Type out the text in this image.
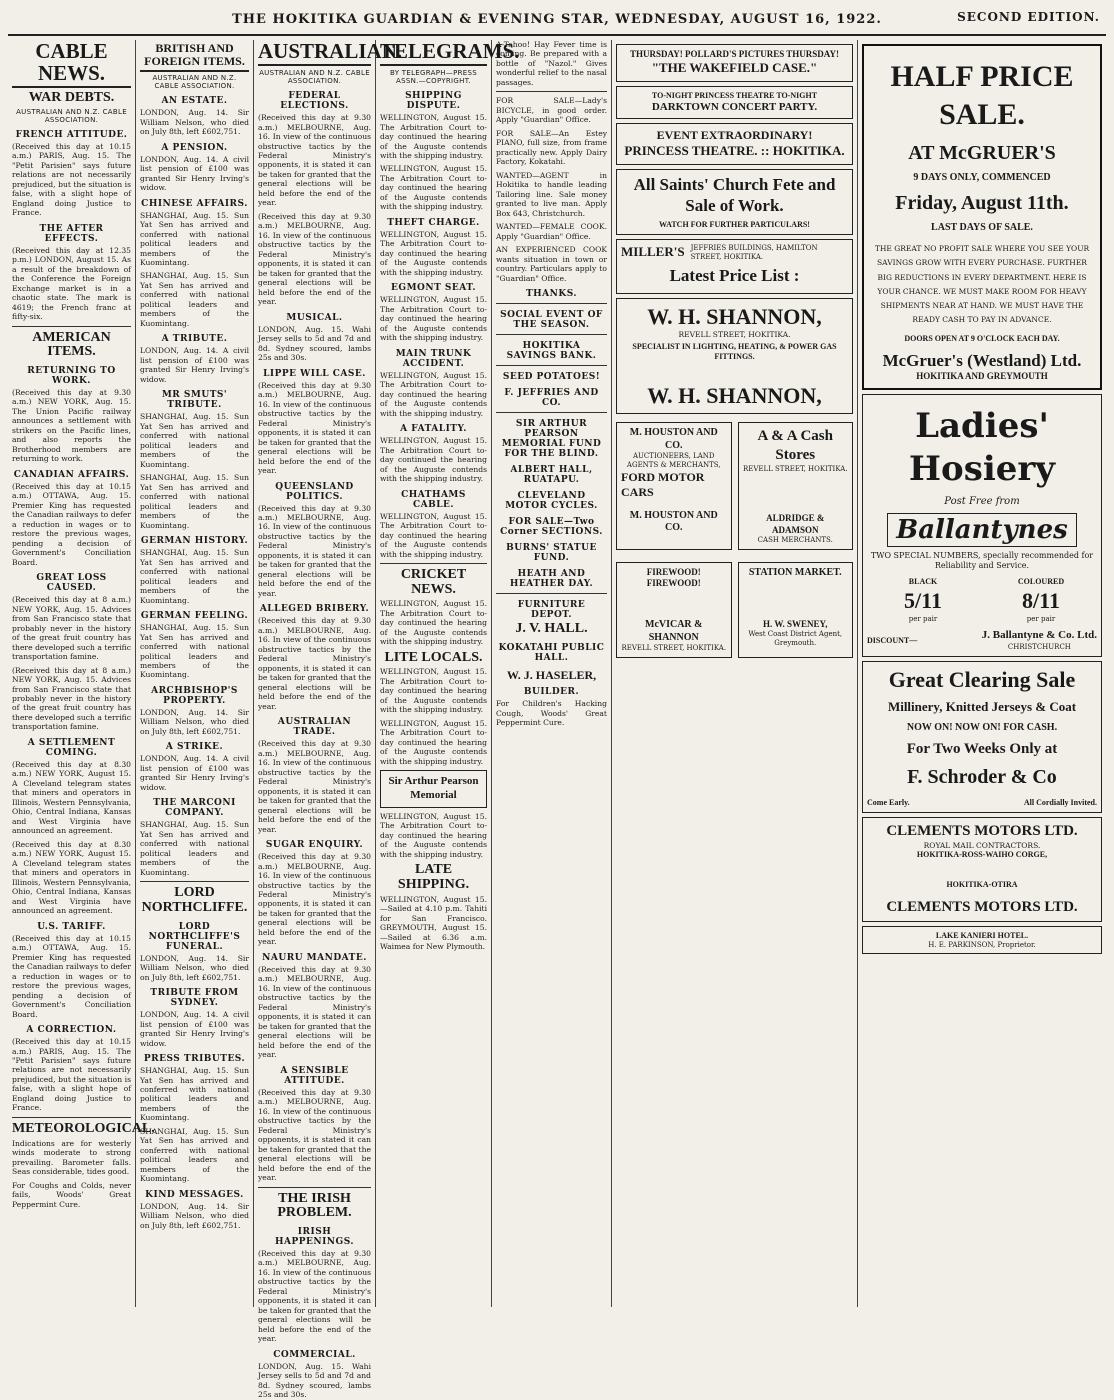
THE HOKITIKA GUARDIAN & EVENING STAR, WEDNESDAY, AUGUST 16, 1922.	SECOND EDITION.
CABLE NEWS.
WAR DEBTS.
AUSTRALIAN AND N.Z. CABLE ASSOCIATION.
FRENCH ATTITUDE.

(Received this day at 10.15 a.m.) PARIS, Aug. 15. The "Petit Parisien" says future relations are not necessarily prejudiced, but the situation is false, with a slight hope of England doing Justice to France.

THE AFTER EFFECTS.

(Received this day at 12.35 p.m.) LONDON, August 15. As a result of the breakdown of the Conference the Foreign Exchange market is in a chaotic state. The mark is 4619; the French franc at fifty-six.

AMERICAN ITEMS.
RETURNING TO WORK.

(Received this day at 9.30 a.m.) NEW YORK, Aug. 15. The Union Pacific railway announces a settlement with strikers on the Pacific lines, and also reports the Brotherhood members are returning to work.

CANADIAN AFFAIRS.

(Received this day at 10.15 a.m.) OTTAWA, Aug. 15. Premier King has requested the Canadian railways to defer a reduction in wages or to restore the previous wages, pending a decision of Government's Conciliation Board.

GREAT LOSS CAUSED.

(Received this day at 8 a.m.) NEW YORK, Aug. 15. Advices from San Francisco state that probably never in the history of the great fruit country has there developed such a terrific transportation famine.

(Received this day at 8 a.m.) NEW YORK, Aug. 15. Advices from San Francisco state that probably never in the history of the great fruit country has there developed such a terrific transportation famine.

A SETTLEMENT COMING.

(Received this day at 8.30 a.m.) NEW YORK, August 15. A Cleveland telegram states that miners and operators in Illinois, Western Pennsylvania, Ohio, Central Indiana, Kansas and West Virginia have announced an agreement.

(Received this day at 8.30 a.m.) NEW YORK, August 15. A Cleveland telegram states that miners and operators in Illinois, Western Pennsylvania, Ohio, Central Indiana, Kansas and West Virginia have announced an agreement.

U.S. TARIFF.

(Received this day at 10.15 a.m.) OTTAWA, Aug. 15. Premier King has requested the Canadian railways to defer a reduction in wages or to restore the previous wages, pending a decision of Government's Conciliation Board.

A CORRECTION.

(Received this day at 10.15 a.m.) PARIS, Aug. 15. The "Petit Parisien" says future relations are not necessarily prejudiced, but the situation is false, with a slight hope of England doing Justice to France.

METEOROLOGICAL.

Indications are for westerly winds moderate to strong prevailing. Barometer falls. Seas considerable, tides good.

For Coughs and Colds, never fails, Woods' Great Peppermint Cure.

BRITISH AND FOREIGN ITEMS.
AUSTRALIAN AND N.Z. CABLE ASSOCIATION.
AN ESTATE.

LONDON, Aug. 14. Sir William Nelson, who died on July 8th, left £602,751.

A PENSION.

LONDON, Aug. 14. A civil list pension of £100 was granted Sir Henry Irving's widow.

CHINESE AFFAIRS.

SHANGHAI, Aug. 15. Sun Yat Sen has arrived and conferred with national political leaders and members of the Kuomintang.

SHANGHAI, Aug. 15. Sun Yat Sen has arrived and conferred with national political leaders and members of the Kuomintang.

A TRIBUTE.

LONDON, Aug. 14. A civil list pension of £100 was granted Sir Henry Irving's widow.

MR SMUTS' TRIBUTE.

SHANGHAI, Aug. 15. Sun Yat Sen has arrived and conferred with national political leaders and members of the Kuomintang.

SHANGHAI, Aug. 15. Sun Yat Sen has arrived and conferred with national political leaders and members of the Kuomintang.

GERMAN HISTORY.

SHANGHAI, Aug. 15. Sun Yat Sen has arrived and conferred with national political leaders and members of the Kuomintang.

GERMAN FEELING.

SHANGHAI, Aug. 15. Sun Yat Sen has arrived and conferred with national political leaders and members of the Kuomintang.

ARCHBISHOP'S PROPERTY.

LONDON, Aug. 14. Sir William Nelson, who died on July 8th, left £602,751.

A STRIKE.

LONDON, Aug. 14. A civil list pension of £100 was granted Sir Henry Irving's widow.

THE MARCONI COMPANY.

SHANGHAI, Aug. 15. Sun Yat Sen has arrived and conferred with national political leaders and members of the Kuomintang.

LORD NORTHCLIFFE.
LORD NORTHCLIFFE'S FUNERAL.

LONDON, Aug. 14. Sir William Nelson, who died on July 8th, left £602,751.

TRIBUTE FROM SYDNEY.

LONDON, Aug. 14. A civil list pension of £100 was granted Sir Henry Irving's widow.

PRESS TRIBUTES.

SHANGHAI, Aug. 15. Sun Yat Sen has arrived and conferred with national political leaders and members of the Kuomintang.

SHANGHAI, Aug. 15. Sun Yat Sen has arrived and conferred with national political leaders and members of the Kuomintang.

KIND MESSAGES.

LONDON, Aug. 14. Sir William Nelson, who died on July 8th, left £602,751.

AUSTRALIAN.
AUSTRALIAN AND N.Z. CABLE ASSOCIATION.
FEDERAL ELECTIONS.

(Received this day at 9.30 a.m.) MELBOURNE, Aug. 16. In view of the continuous obstructive tactics by the Federal Ministry's opponents, it is stated it can be taken for granted that the general elections will be held before the end of the year.

(Received this day at 9.30 a.m.) MELBOURNE, Aug. 16. In view of the continuous obstructive tactics by the Federal Ministry's opponents, it is stated it can be taken for granted that the general elections will be held before the end of the year.

MUSICAL.

LONDON, Aug. 15. Wahi Jersey sells to 5d and 7d and 8d. Sydney scoured, lambs 25s and 30s.

LIPPE WILL CASE.

(Received this day at 9.30 a.m.) MELBOURNE, Aug. 16. In view of the continuous obstructive tactics by the Federal Ministry's opponents, it is stated it can be taken for granted that the general elections will be held before the end of the year.

QUEENSLAND POLITICS.

(Received this day at 9.30 a.m.) MELBOURNE, Aug. 16. In view of the continuous obstructive tactics by the Federal Ministry's opponents, it is stated it can be taken for granted that the general elections will be held before the end of the year.

ALLEGED BRIBERY.

(Received this day at 9.30 a.m.) MELBOURNE, Aug. 16. In view of the continuous obstructive tactics by the Federal Ministry's opponents, it is stated it can be taken for granted that the general elections will be held before the end of the year.

AUSTRALIAN TRADE.

(Received this day at 9.30 a.m.) MELBOURNE, Aug. 16. In view of the continuous obstructive tactics by the Federal Ministry's opponents, it is stated it can be taken for granted that the general elections will be held before the end of the year.

SUGAR ENQUIRY.

(Received this day at 9.30 a.m.) MELBOURNE, Aug. 16. In view of the continuous obstructive tactics by the Federal Ministry's opponents, it is stated it can be taken for granted that the general elections will be held before the end of the year.

NAURU MANDATE.

(Received this day at 9.30 a.m.) MELBOURNE, Aug. 16. In view of the continuous obstructive tactics by the Federal Ministry's opponents, it is stated it can be taken for granted that the general elections will be held before the end of the year.

A SENSIBLE ATTITUDE.

(Received this day at 9.30 a.m.) MELBOURNE, Aug. 16. In view of the continuous obstructive tactics by the Federal Ministry's opponents, it is stated it can be taken for granted that the general elections will be held before the end of the year.

THE IRISH PROBLEM.
IRISH HAPPENINGS.

(Received this day at 9.30 a.m.) MELBOURNE, Aug. 16. In view of the continuous obstructive tactics by the Federal Ministry's opponents, it is stated it can be taken for granted that the general elections will be held before the end of the year.

COMMERCIAL.

LONDON, Aug. 15. Wahi Jersey sells to 5d and 7d and 8d. Sydney scoured, lambs 25s and 30s.

TELEGRAMS.
BY TELEGRAPH—PRESS ASSN.—COPYRIGHT.
SHIPPING DISPUTE.

WELLINGTON, August 15. The Arbitration Court to-day continued the hearing of the Auguste contends with the shipping industry.

WELLINGTON, August 15. The Arbitration Court to-day continued the hearing of the Auguste contends with the shipping industry.

THEFT CHARGE.

WELLINGTON, August 15. The Arbitration Court to-day continued the hearing of the Auguste contends with the shipping industry.

EGMONT SEAT.

WELLINGTON, August 15. The Arbitration Court to-day continued the hearing of the Auguste contends with the shipping industry.

MAIN TRUNK ACCIDENT.

WELLINGTON, August 15. The Arbitration Court to-day continued the hearing of the Auguste contends with the shipping industry.

A FATALITY.

WELLINGTON, August 15. The Arbitration Court to-day continued the hearing of the Auguste contends with the shipping industry.

CHATHAMS CABLE.

WELLINGTON, August 15. The Arbitration Court to-day continued the hearing of the Auguste contends with the shipping industry.

CRICKET NEWS.

WELLINGTON, August 15. The Arbitration Court to-day continued the hearing of the Auguste contends with the shipping industry.

LITE LOCALS.

WELLINGTON, August 15. The Arbitration Court to-day continued the hearing of the Auguste contends with the shipping industry.

WELLINGTON, August 15. The Arbitration Court to-day continued the hearing of the Auguste contends with the shipping industry.

Sir Arthur Pearson Memorial

WELLINGTON, August 15. The Arbitration Court to-day continued the hearing of the Auguste contends with the shipping industry.

LATE SHIPPING.

WELLINGTON, August 15.—Sailed at 4.10 p.m. Tahiti for San Francisco. GREYMOUTH, August 15.—Sailed at 6.36 a.m. Waimea for New Plymouth.

A-Tahoo! Hay Fever time is coming. Be prepared with a bottle of "Nazol." Gives wonderful relief to the nasal passages.

FOR SALE—Lady's BICYCLE, in good order. Apply "Guardian" Office.

FOR SALE—An Estey PIANO, full size, from frame practically new. Apply Dairy Factory, Kokatahi.

WANTED—AGENT in Hokitika to handle leading Tailoring line. Sale money granted to live man. Apply Box 643, Christchurch.

WANTED—FEMALE COOK. Apply "Guardian" Office.

AN EXPERIENCED COOK wants situation in town or country. Particulars apply to "Guardian" Office.

THANKS.
SOCIAL EVENT OF THE SEASON.
HOKITIKA SAVINGS BANK.
SEED POTATOES!
F. JEFFRIES AND CO.
SIR ARTHUR PEARSON MEMORIAL FUND FOR THE BLIND.
ALBERT HALL, RUATAPU.
CLEVELAND MOTOR CYCLES.
FOR SALE—Two Corner SECTIONS.
BURNS' STATUE FUND.
HEATH AND HEATHER DAY.
FURNITURE DEPOT.
J. V. HALL.
KOKATAHI PUBLIC HALL.
W. J. HASELER,
BUILDER.

For Children's Hacking Cough, Woods' Great Peppermint Cure.

THURSDAY! POLLARD'S PICTURES THURSDAY!
"THE WAKEFIELD CASE."
TO-NIGHT PRINCESS THEATRE TO-NIGHT
DARKTOWN CONCERT PARTY.
EVENT EXTRAORDINARY!
PRINCESS THEATRE. :: HOKITIKA.
All Saints' Church Fete and Sale of Work.
WATCH FOR FURTHER PARTICULARS!
MILLER'S JEFFRIES BUILDINGS, HAMILTON STREET, HOKITIKA.
Latest Price List :
W. H. SHANNON,
REVELL STREET, HOKITIKA.
SPECIALIST IN LIGHTING, HEATING, & POWER GAS FITTINGS.
W. H. SHANNON,
M. HOUSTON AND CO.
AUCTIONEERS, LAND AGENTS & MERCHANTS,
FORD MOTOR CARS
M. HOUSTON AND CO.
A & A Cash Stores
REVELL STREET, HOKITIKA.
ALDRIDGE & ADAMSON
CASH MERCHANTS.
FIREWOOD! FIREWOOD!
McVICAR & SHANNON
REVELL STREET, HOKITIKA.
STATION MARKET.
H. W. SWENEY,
West Coast District Agent, Greymouth.
HALF PRICE SALE.
AT McGRUER'S
9 DAYS ONLY, COMMENCED
Friday, August 11th.
LAST DAYS OF SALE.
THE GREAT NO PROFIT SALE WHERE YOU SEE YOUR SAVINGS GROW WITH EVERY PURCHASE. FURTHER BIG REDUCTIONS IN EVERY DEPARTMENT. HERE IS YOUR CHANCE. WE MUST MAKE ROOM FOR HEAVY SHIPMENTS NEAR AT HAND. WE MUST HAVE THE READY CASH TO PAY IN ADVANCE.
DOORS OPEN AT 9 O'CLOCK EACH DAY.
McGruer's (Westland) Ltd.
HOKITIKA AND GREYMOUTH
Ladies' Hosiery
Post Free from
Ballantynes
TWO SPECIAL NUMBERS, specially recommended for Reliability and Service.
BLACK
5/11
per pair
COLOURED
8/11
per pair
DISCOUNT—	J. Ballantyne & Co. Ltd.
CHRISTCHURCH
Great Clearing Sale
Millinery, Knitted Jerseys & Coat
NOW ON! NOW ON! FOR CASH.
For Two Weeks Only at
F. Schroder & Co
Come Early.	All Cordially Invited.
CLEMENTS MOTORS LTD.
ROYAL MAIL CONTRACTORS.
HOKITIKA-ROSS-WAIHO CORGE,
HOKITIKA-OTIRA
CLEMENTS MOTORS LTD.
LAKE KANIERI HOTEL.
H. E. PARKINSON, Proprietor.
